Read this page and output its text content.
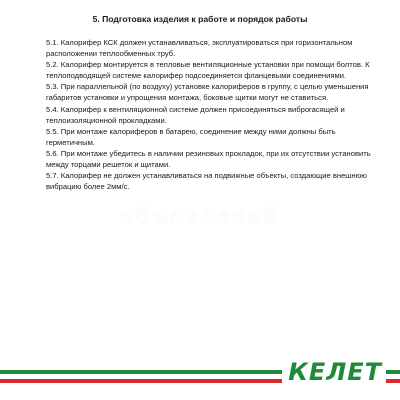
5. Подготовка изделия к работе и порядок работы

5.1. Калорифер КСК должен устанавливаться, эксплуатироваться при горизонтальном расположении теплообменных труб.

5.2. Калорифер монтируется в тепловые вентиляционные установки при помощи болтов. К теплоподводящей системе калорифер подсоединяется фланцевыми соединениями.

5.3. При параллельной (по воздуху) установке калориферов в группу, с целью уменьшения габаритов установки и упрощения монтажа, боковые щитки могут не ставиться.

5.4. Калорифер к вентиляционной системе должен присоединяться виброгасящей и теплоизоляционной прокладками.

5.5. При монтаже калориферов в батарею, соединение между ними должны быть герметичным.

5.6. При монтаже убедитесь в наличии резиновых прокладок, при их отсутствии установить между торцами решеток и щитами.

5.7. Калорифер не должен устанавливаться на подвижные объекты, создающие внешнюю вибрацию более 2мм/с.

объявлений
КЕЛЕТ
